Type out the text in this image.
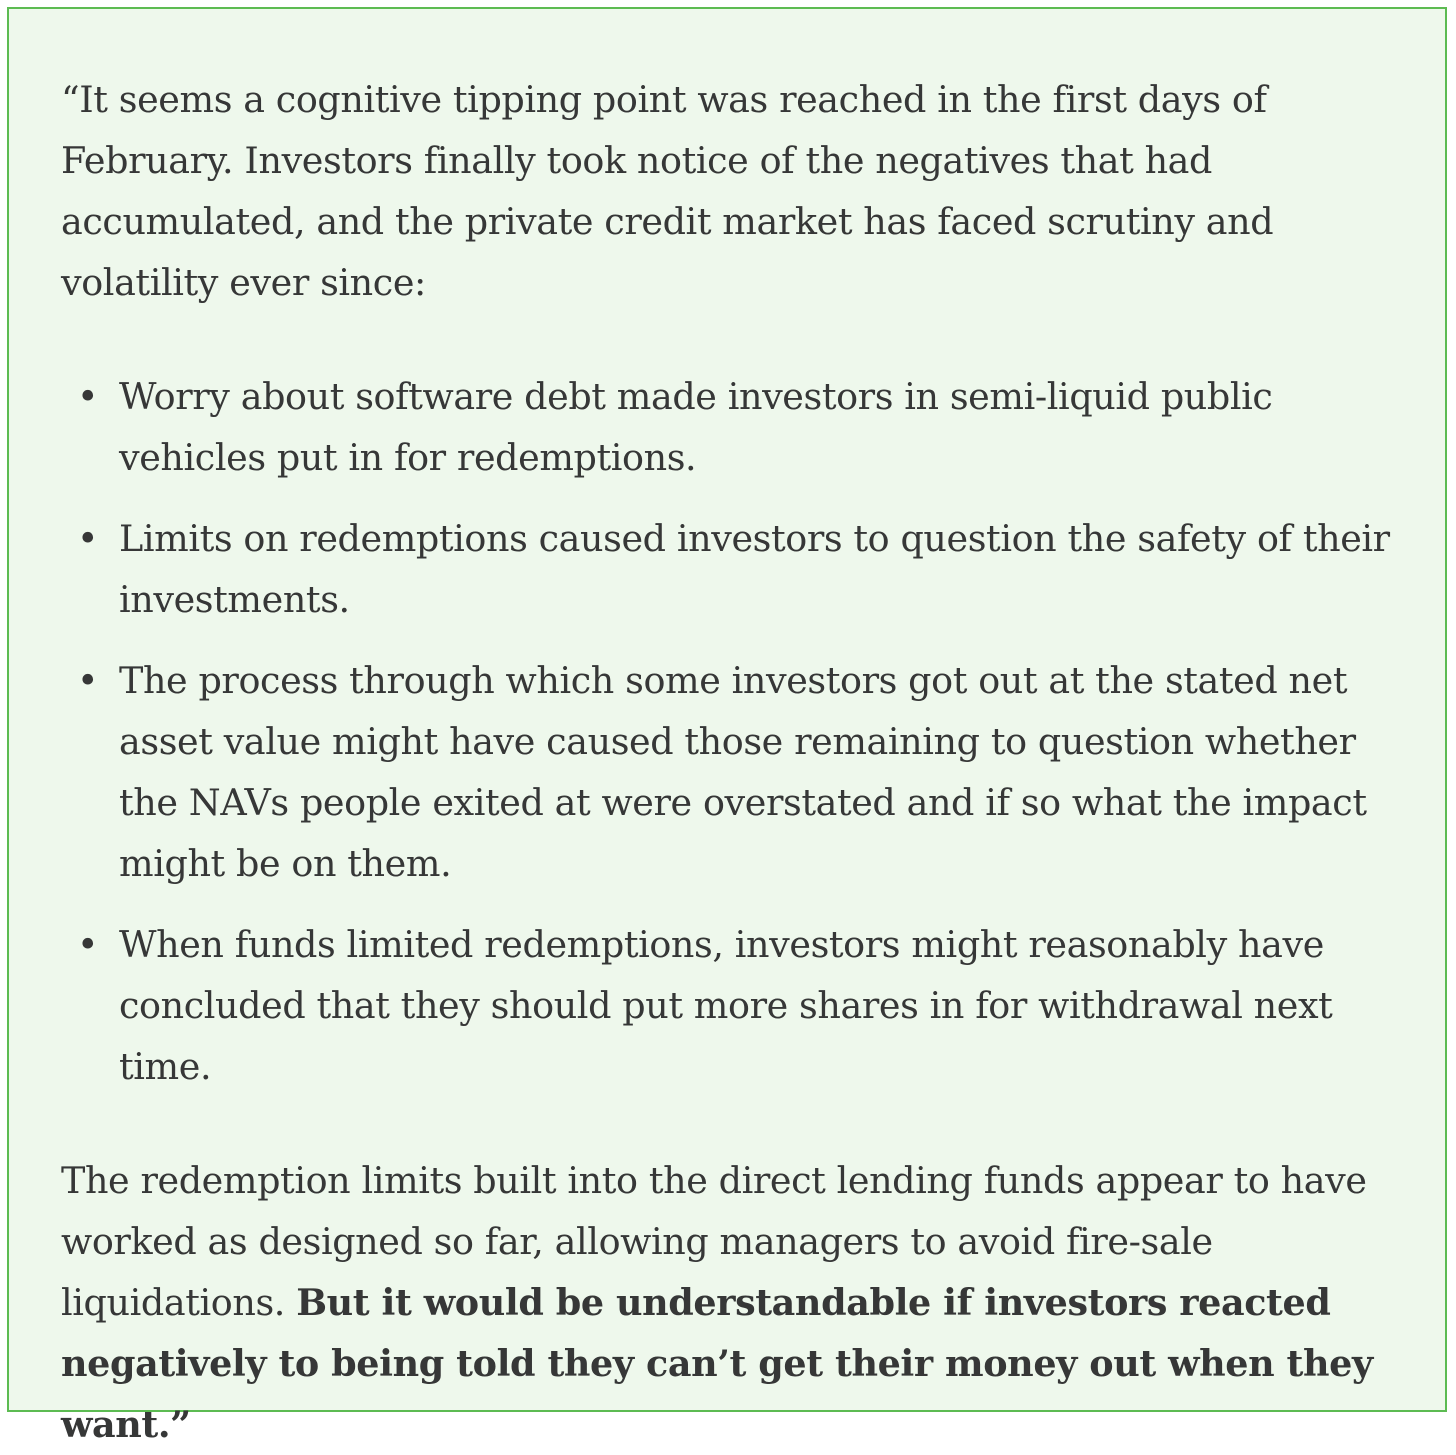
“It seems a cognitive tipping point was reached in the first days of February. Investors finally took notice of the negatives that had accumulated, and the private credit market has faced scrutiny and volatility ever since:

• Worry about software debt made investors in semi-liquid public vehicles put in for redemptions.
• Limits on redemptions caused investors to question the safety of their investments.
• The process through which some investors got out at the stated net asset value might have caused those remaining to question whether the NAVs people exited at were overstated and if so what the impact might be on them.
• When funds limited redemptions, investors might reasonably have concluded that they should put more shares in for withdrawal next time.

The redemption limits built into the direct lending funds appear to have worked as designed so far, allowing managers to avoid fire-sale liquidations. But it would be understandable if investors reacted negatively to being told they can’t get their money out when they want.”
